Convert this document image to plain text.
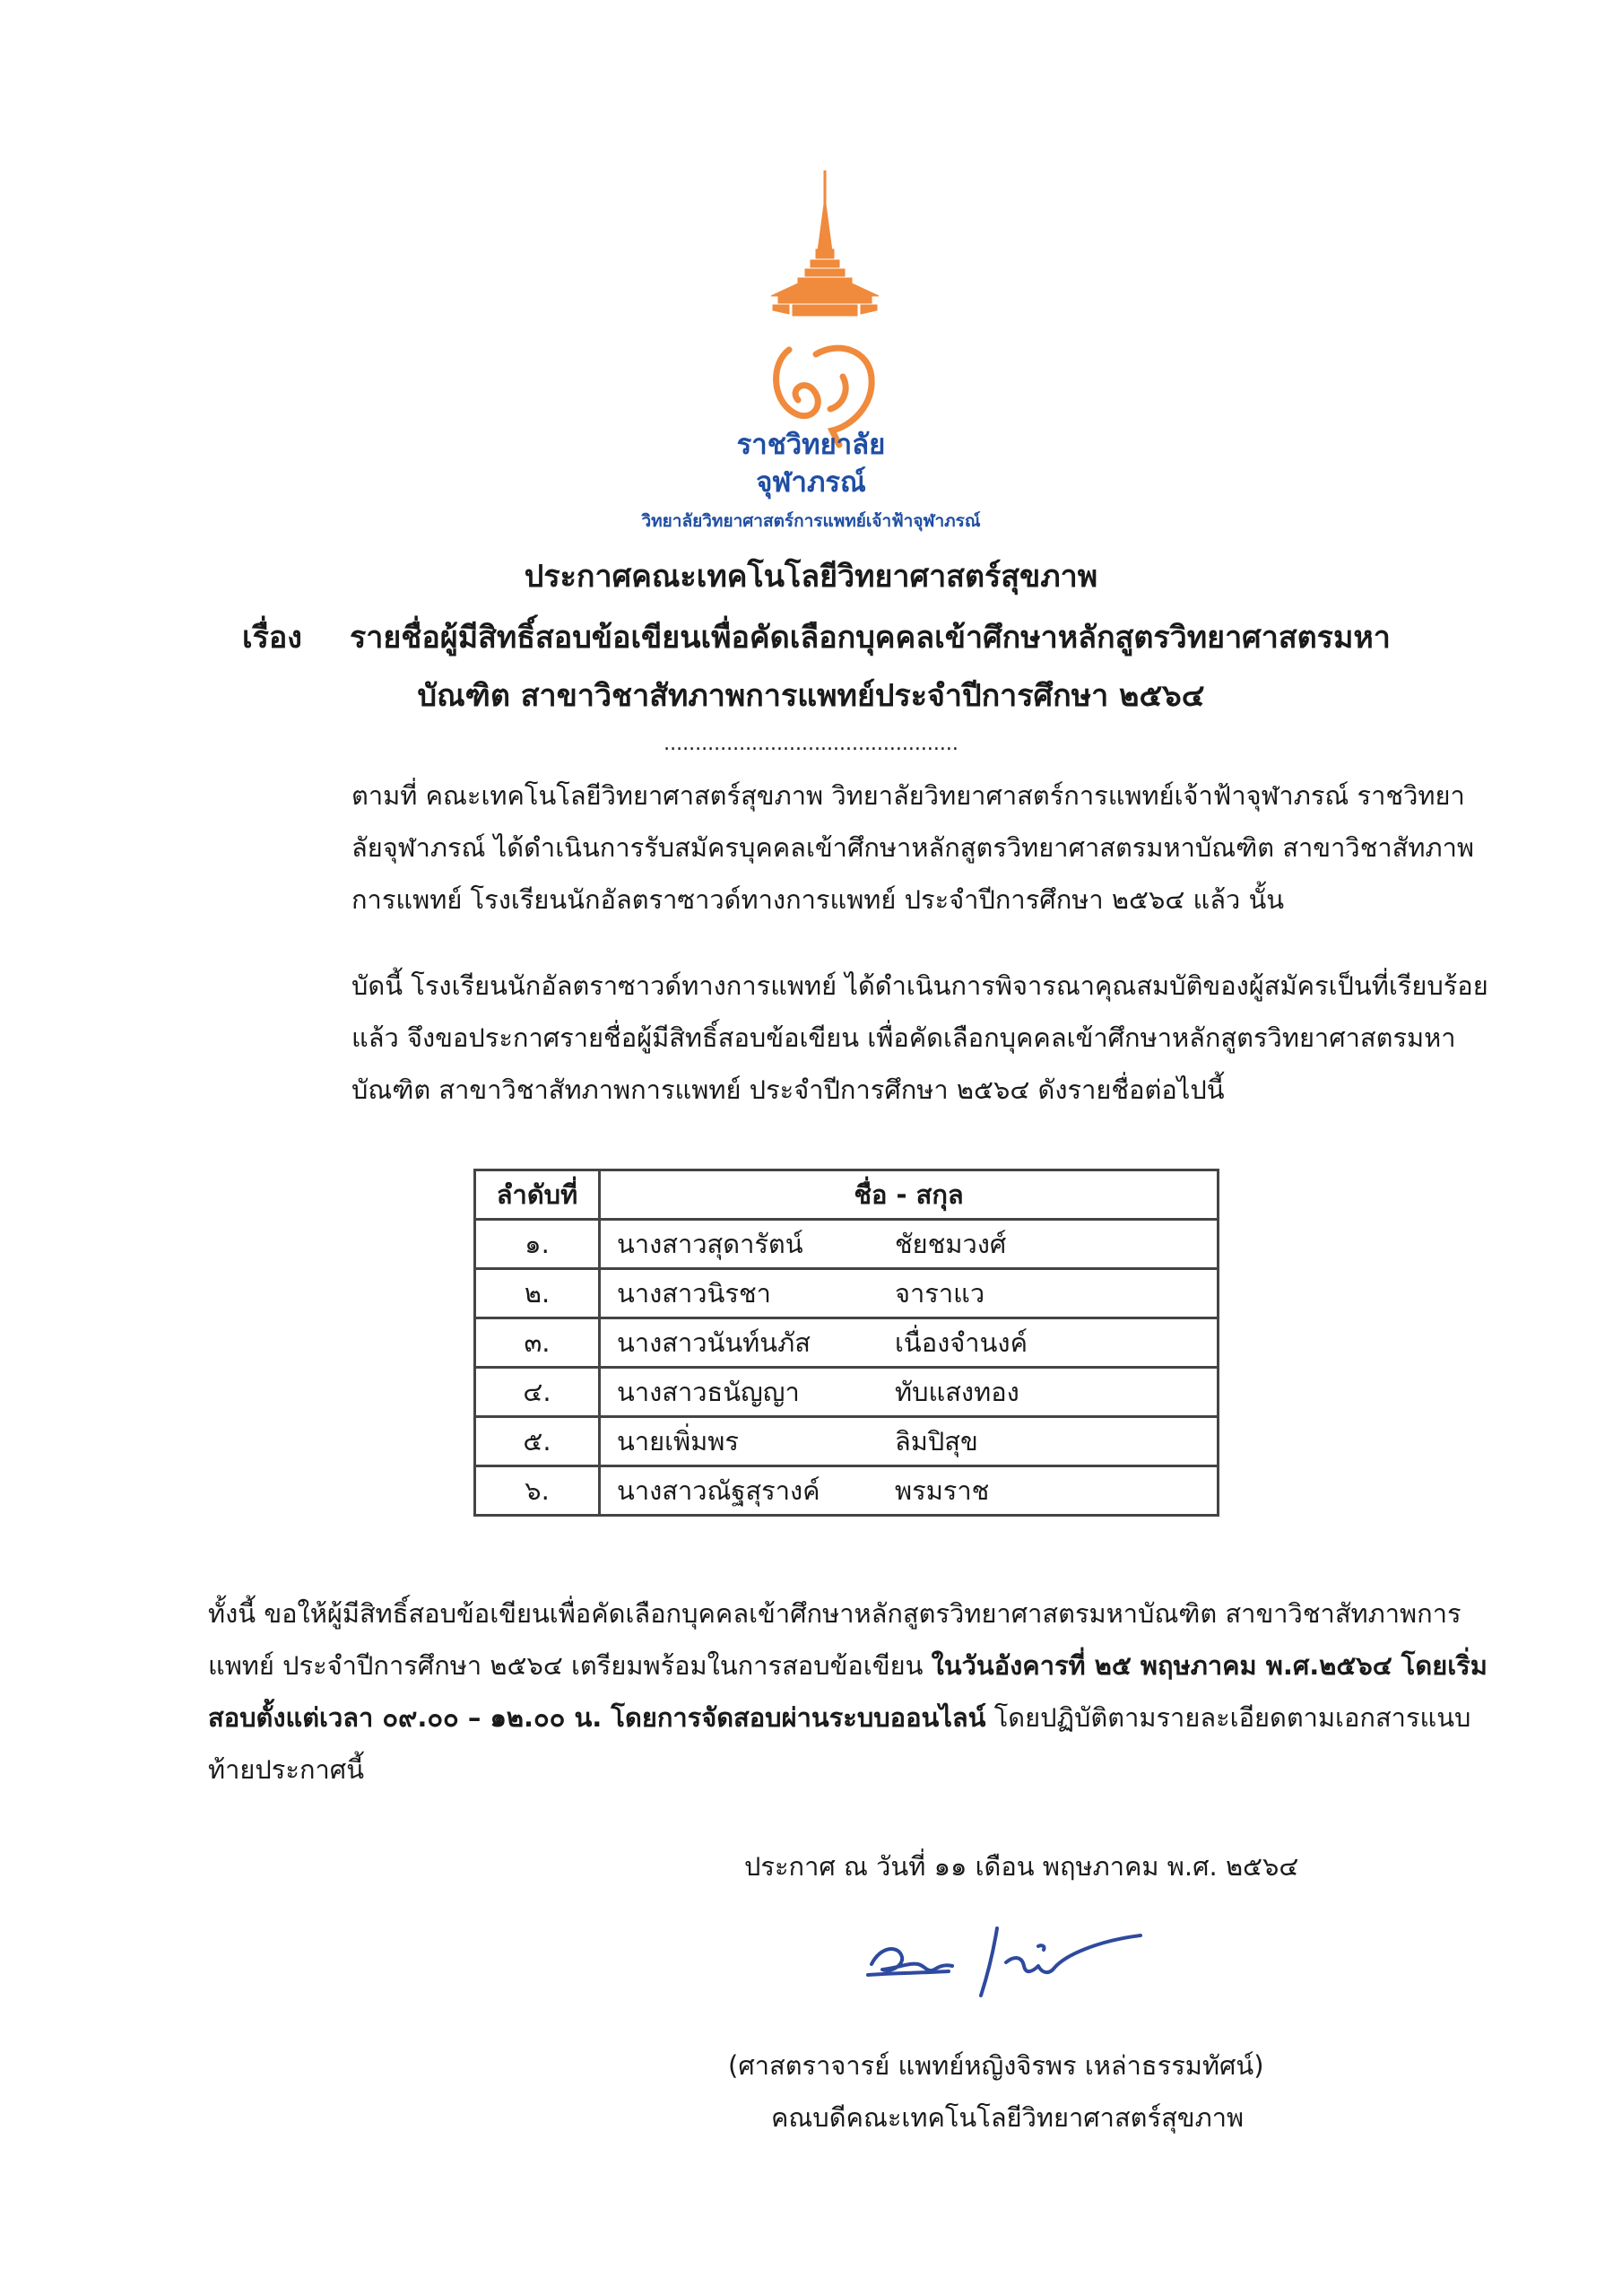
ราชวิทยาลัย
จุฬาภรณ์
วิทยาลัยวิทยาศาสตร์การแพทย์เจ้าฟ้าจุฬาภรณ์
ประกาศคณะเทคโนโลยีวิทยาศาสตร์สุขภาพ
เรื่อง รายชื่อผู้มีสิทธิ์สอบข้อเขียนเพื่อคัดเลือกบุคคลเข้าศึกษาหลักสูตรวิทยาศาสตรมหา
บัณฑิต สาขาวิชาสัทภาพการแพทย์ประจำปีการศึกษา ๒๕๖๔
...............................................

ตามที่ คณะเทคโนโลยีวิทยาศาสตร์สุขภาพ วิทยาลัยวิทยาศาสตร์การแพทย์เจ้าฟ้าจุฬาภรณ์ ราชวิทยาลัยจุฬาภรณ์ ได้ดำเนินการรับสมัครบุคคลเข้าศึกษาหลักสูตรวิทยาศาสตรมหาบัณฑิต สาขาวิชาสัทภาพการแพทย์ โรงเรียนนักอัลตราซาวด์ทางการแพทย์ ประจำปีการศึกษา ๒๕๖๔ แล้ว นั้น

บัดนี้ โรงเรียนนักอัลตราซาวด์ทางการแพทย์ ได้ดำเนินการพิจารณาคุณสมบัติของผู้สมัครเป็นที่เรียบร้อยแล้ว จึงขอประกาศรายชื่อผู้มีสิทธิ์สอบข้อเขียน เพื่อคัดเลือกบุคคลเข้าศึกษาหลักสูตรวิทยาศาสตรมหาบัณฑิต สาขาวิชาสัทภาพการแพทย์ ประจำปีการศึกษา ๒๕๖๔ ดังรายชื่อต่อไปนี้

ลำดับที่	ชื่อ - สกุล
๑.	นางสาวสุดารัตน์ ชัยชมวงศ์
๒.	นางสาวนิรชา จาราแว
๓.	นางสาวนันท์นภัส เนื่องจำนงค์
๔.	นางสาวธนัญญา ทับแสงทอง
๕.	นายเพิ่มพร ลิมปิสุข
๖.	นางสาวณัฐสุรางค์ พรมราช

ทั้งนี้ ขอให้ผู้มีสิทธิ์สอบข้อเขียนเพื่อคัดเลือกบุคคลเข้าศึกษาหลักสูตรวิทยาศาสตรมหาบัณฑิต สาขาวิชาสัทภาพการแพทย์ ประจำปีการศึกษา ๒๕๖๔ เตรียมพร้อมในการสอบข้อเขียน ในวันอังคารที่ ๒๕ พฤษภาคม พ.ศ.๒๕๖๔ โดยเริ่มสอบตั้งแต่เวลา ๐๙.๐๐ – ๑๒.๐๐ น. โดยการจัดสอบผ่านระบบออนไลน์ โดยปฏิบัติตามรายละเอียดตามเอกสารแนบท้ายประกาศนี้

ประกาศ ณ วันที่ ๑๑ เดือน พฤษภาคม พ.ศ. ๒๕๖๔
(ศาสตราจารย์ แพทย์หญิงจิรพร เหล่าธรรมทัศน์)
คณบดีคณะเทคโนโลยีวิทยาศาสตร์สุขภาพ
